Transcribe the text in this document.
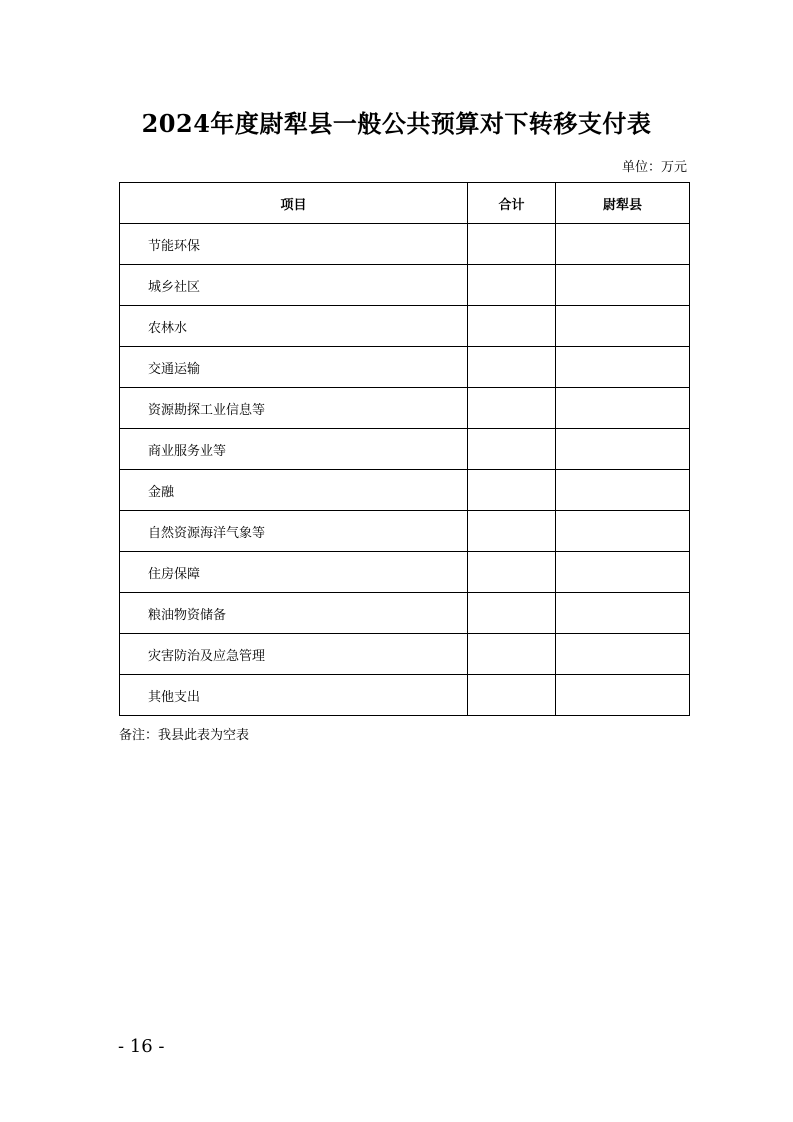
2024年度尉犁县一般公共预算对下转移支付表
单位：万元
项目	合计	尉犁县
节能环保		
城乡社区		
农林水		
交通运输		
资源勘探工业信息等		
商业服务业等		
金融		
自然资源海洋气象等		
住房保障		
粮油物资储备		
灾害防治及应急管理		
其他支出		
备注：我县此表为空表
- 16 -
